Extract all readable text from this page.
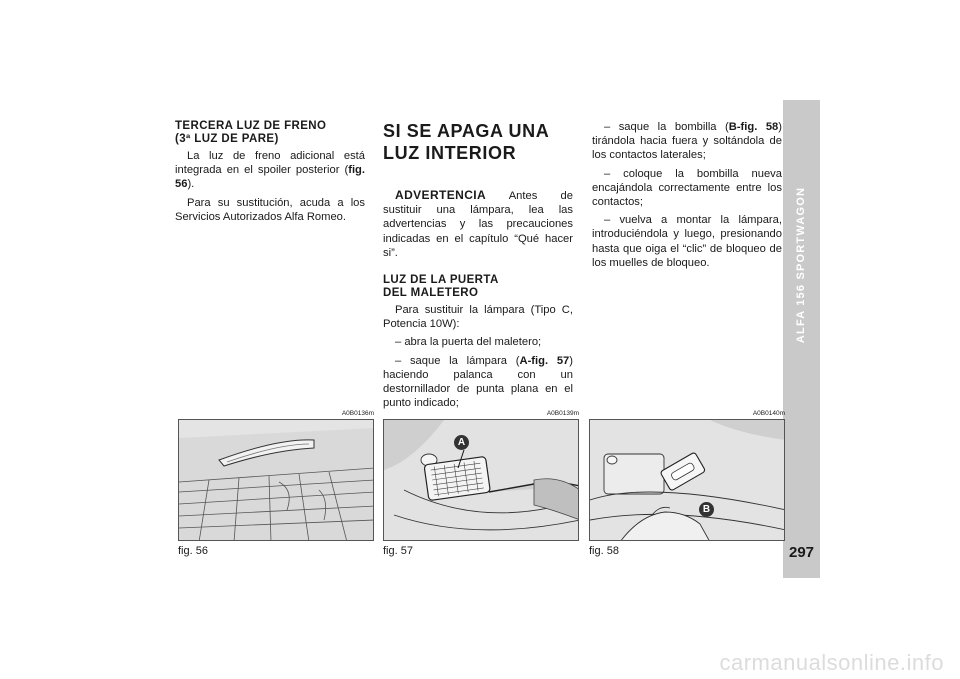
TERCERA LUZ DE FRENO
(3ª LUZ DE PARE)

La luz de freno adicional está integrada en el spoiler posterior (fig. 56).

Para su sustitución, acuda a los Servicios Autorizados Alfa Romeo.

SI SE APAGA UNA
LUZ INTERIOR

ADVERTENCIA Antes de sustituir una lámpara, lea las advertencias y las precauciones indicadas en el capítulo “Qué hacer si”.

LUZ DE LA PUERTA
DEL MALETERO

Para sustituir la lámpara (Tipo C, Potencia 10W):

– abra la puerta del maletero;

– saque la lámpara (A-fig. 57) haciendo palanca con un destornillador de punta plana en el punto indicado;

– saque la bombilla (B-fig. 58) tirándola hacia fuera y soltándola de los contactos laterales;

– coloque la bombilla nueva encajándola correctamente entre los contactos;

– vuelva a montar la lámpara, introduciéndola y luego, presionando hasta que oiga el “clic” de bloqueo de los muelles de bloqueo.	ALFA 156 SPORTWAGON
297
A0B0136m
fig. 56
A0B0139m
fig. 57
A
A0B0140m
fig. 58
B
carmanualsonline.info
